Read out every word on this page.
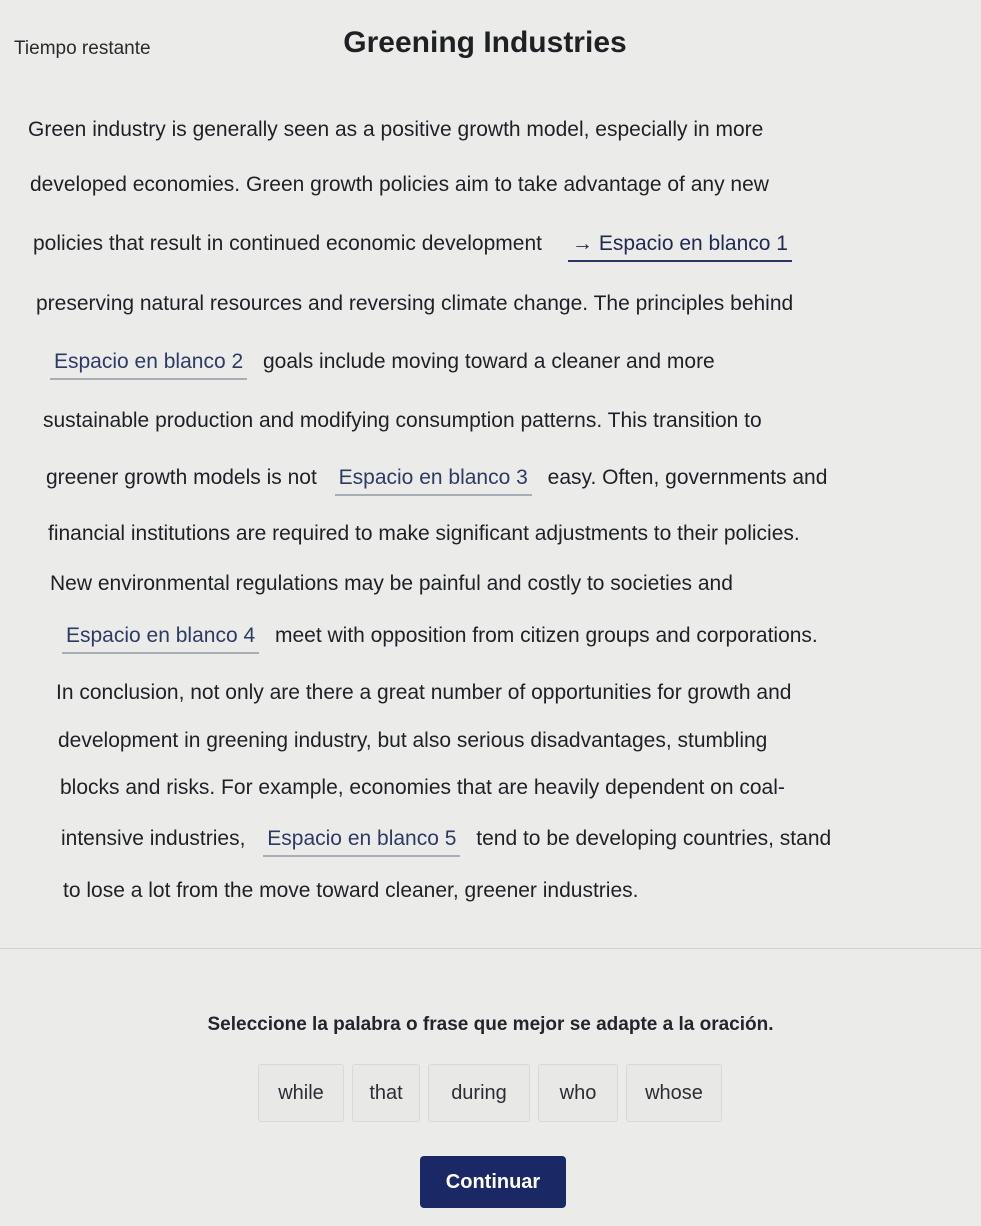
Tiempo restante	Greening Industries
Green industry is generally seen as a positive growth model, especially in more
developed economies. Green growth policies aim to take advantage of any new
policies that result in continued economic development → Espacio en blanco 1
preserving natural resources and reversing climate change. The principles behind
Espacio en blanco 2 goals include moving toward a cleaner and more
sustainable production and modifying consumption patterns. This transition to
greener growth models is not Espacio en blanco 3 easy. Often, governments and
financial institutions are required to make significant adjustments to their policies.
New environmental regulations may be painful and costly to societies and
Espacio en blanco 4 meet with opposition from citizen groups and corporations.
In conclusion, not only are there a great number of opportunities for growth and
development in greening industry, but also serious disadvantages, stumbling
blocks and risks. For example, economies that are heavily dependent on coal-
intensive industries, Espacio en blanco 5 tend to be developing countries, stand
to lose a lot from the move toward cleaner, greener industries.
Seleccione la palabra o frase que mejor se adapte a la oración.
while	that	during	who	whose
Continuar
